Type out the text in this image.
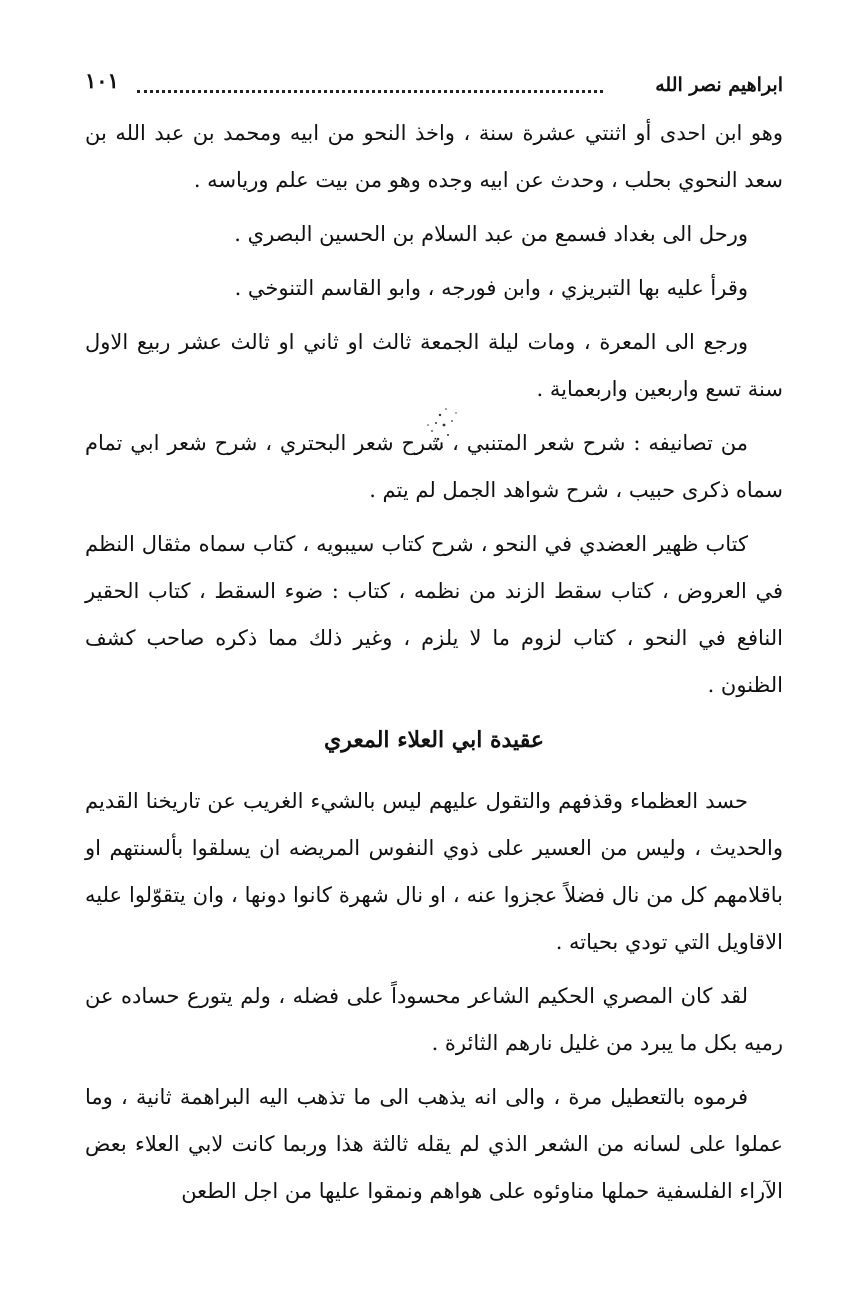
ابراهيم نصر الله
١٠١

وهو ابن احدى أو اثنتي عشرة سنة ، واخذ النحو من ابيه ومحمد بن عبد الله بن سعد النحوي بحلب ، وحدث عن ابيه وجده وهو من بيت علم ورياسه .

ورحل الى بغداد فسمع من عبد السلام بن الحسين البصري .

وقرأ عليه بها التبريزي ، وابن فورجه ، وابو القاسم التنوخي .

ورجع الى المعرة ، ومات ليلة الجمعة ثالث او ثاني او ثالث عشر ربيع الاول سنة تسع واربعين واربعماية .

من تصانيفه : شرح شعر المتنبي ، شرح شعر البحتري ، شرح شعر ابي تمام سماه ذكرى حبيب ، شرح شواهد الجمل لم يتم .

كتاب ظهير العضدي في النحو ، شرح كتاب سيبويه ، كتاب سماه مثقال النظم في العروض ، كتاب سقط الزند من نظمه ، كتاب : ضوء السقط ، كتاب الحقير النافع في النحو ، كتاب لزوم ما لا يلزم ، وغير ذلك مما ذكره صاحب كشف الظنون .

عقيدة ابي العلاء المعري

حسد العظماء وقذفهم والتقول عليهم ليس بالشيء الغريب عن تاريخنا القديم والحديث ، وليس من العسير على ذوي النفوس المريضه ان يسلقوا بألسنتهم او باقلامهم كل من نال فضلاً عجزوا عنه ، او نال شهرة كانوا دونها ، وان يتقوّلوا عليه الاقاويل التي تودي بحياته .

لقد كان المصري الحكيم الشاعر محسوداً على فضله ، ولم يتورع حساده عن رميه بكل ما يبرد من غليل نارهم الثائرة .

فرموه بالتعطيل مرة ، والى انه يذهب الى ما تذهب اليه البراهمة ثانية ، وما عملوا على لسانه من الشعر الذي لم يقله ثالثة هذا وربما كانت لابي العلاء بعض الآراء الفلسفية حملها مناوئوه على هواهم ونمقوا عليها من اجل الطعن
